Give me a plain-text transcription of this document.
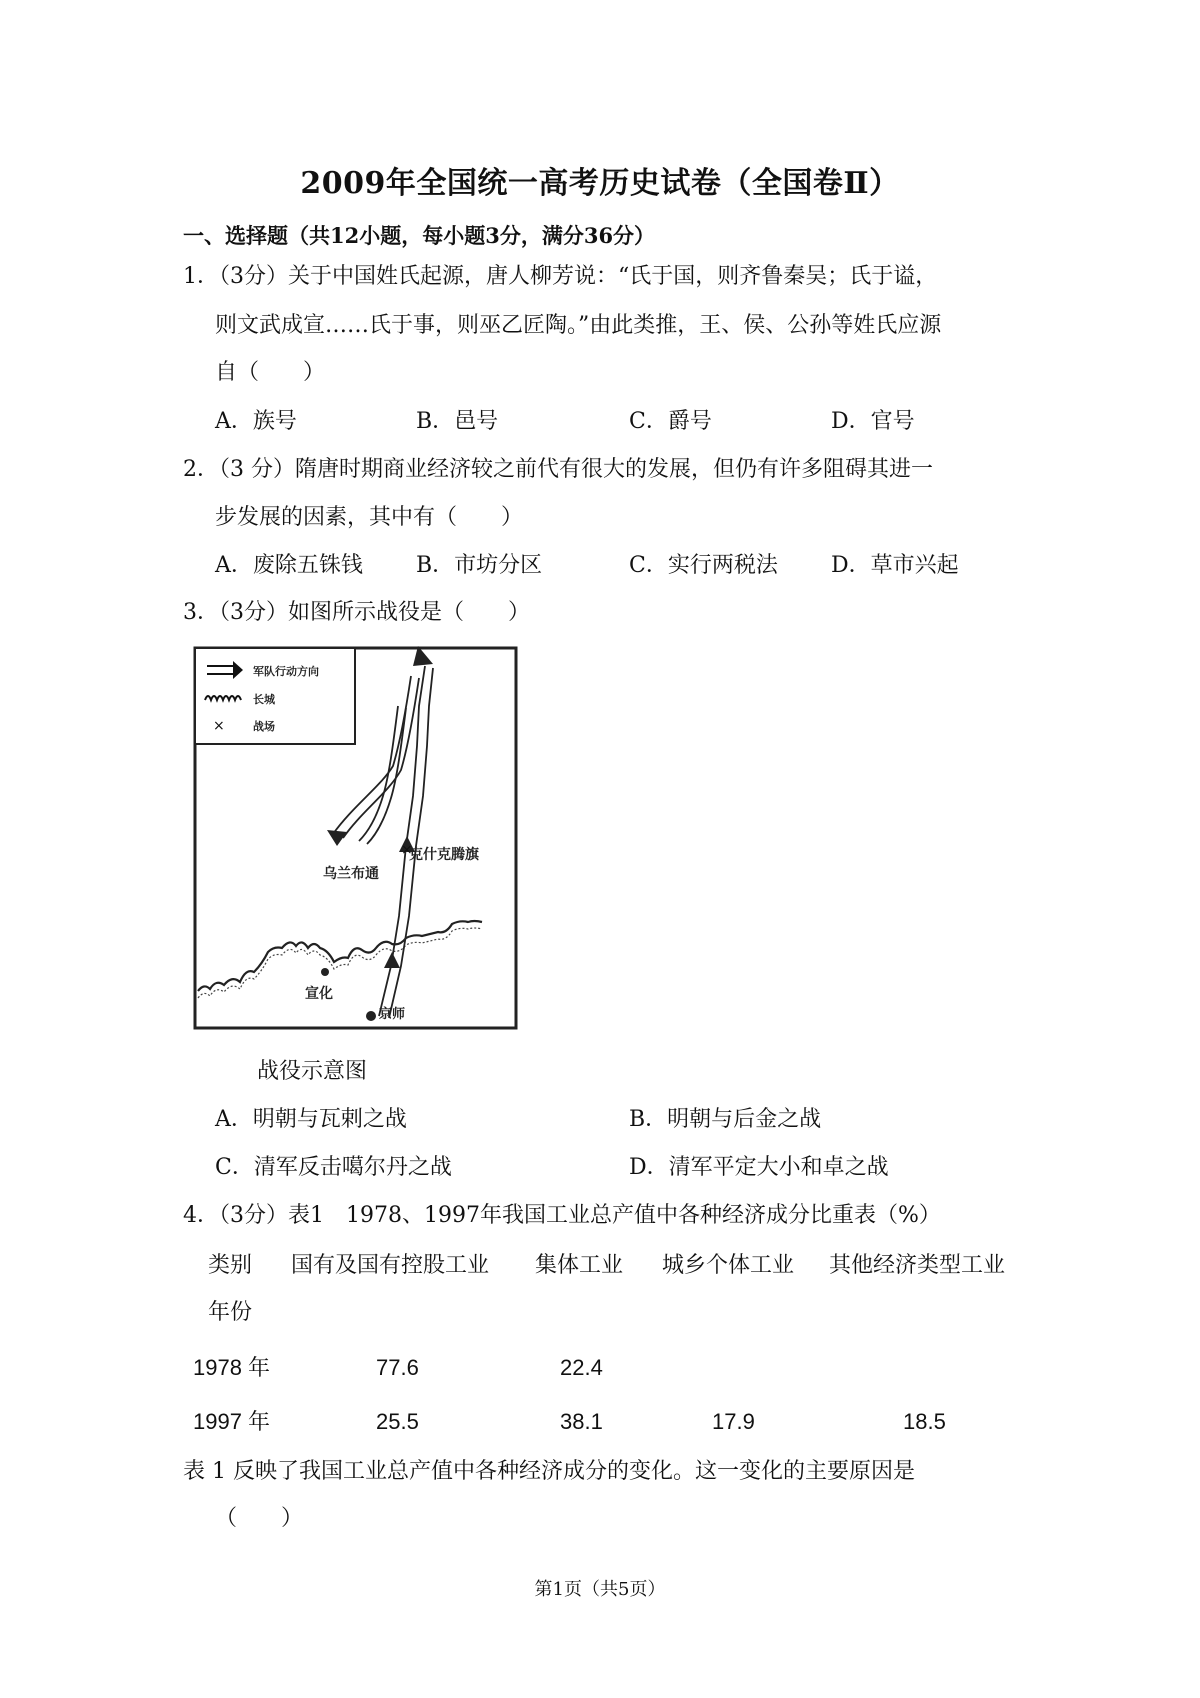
2009年全国统一高考历史试卷（全国卷Ⅱ）
一、选择题（共12小题，每小题3分，满分36分）
1．（3分）关于中国姓氏起源，唐人柳芳说：“氏于国，则齐鲁秦吴；氏于谥，
则文武成宣……氏于事，则巫乙匠陶。”由此类推，王、侯、公孙等姓氏应源
自（　　）
A．族号	B．邑号	C．爵号	D．官号
2．（3 分）隋唐时期商业经济较之前代有很大的发展，但仍有许多阻碍其进一
步发展的因素，其中有（　　）
A．废除五铢钱 B．市坊分区	C．实行两税法 D．草市兴起
3．（3分）如图所示战役是（　　）
军队行动方向
长城
×	战场
×
克什克腾旗
乌兰布通
宣化
京师
战役示意图
A．明朝与瓦剌之战	B．明朝与后金之战
C．清军反击噶尔丹之战	D．清军平定大小和卓之战
4．（3分）表1　1978、1997年我国工业总产值中各种经济成分比重表（%）
类别 国有及国有控股工业 集体工业 城乡个体工业 其他经济类型工业
年份
1978 年	77.6	22.4
1997 年	25.5	38.1	17.9	18.5
表 1 反映了我国工业总产值中各种经济成分的变化。这一变化的主要原因是
（　　）
第1页（共5页）
